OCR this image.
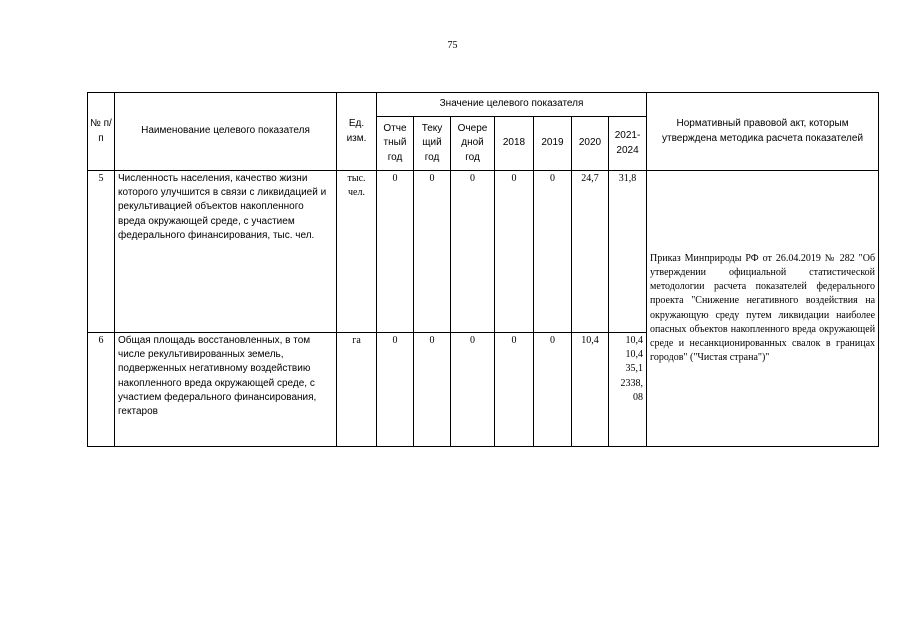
75
№ п/п	Наименование целевого показателя	Ед. изм.	Значение целевого показателя							Нормативный правовой акт, которым утверждена методика расчета показателей
			Отче тный год	Теку щий год	Очере дной год	2018	2019	2020	2021-2024	
5	Численность населения, качество жизни которого улучшится в связи с ликвидацией и рекультивацией объектов накопленного вреда окружающей среде, с участием федерального финансирования, тыс. чел.	тыс. чел.	0	0	0	0	0	24,7	31,8	Приказ Минприроды РФ от 26.04.2019 № 282 "Об утверждении официальной статистической методологии расчета показателей федерального проекта "Снижение негативного воздействия на окружающую среду путем ликвидации наиболее опасных объектов накопленного вреда окружающей среде и несанкционированных свалок в границах городов" ("Чистая страна")"
6	Общая площадь восстановленных, в том числе рекультивированных земель, подверженных негативному воздействию накопленного вреда окружающей среде, с участием федерального финансирования, гектаров	га	0	0	0	0	0	10,4	10,4 10,4 35,1 2338, 08	
